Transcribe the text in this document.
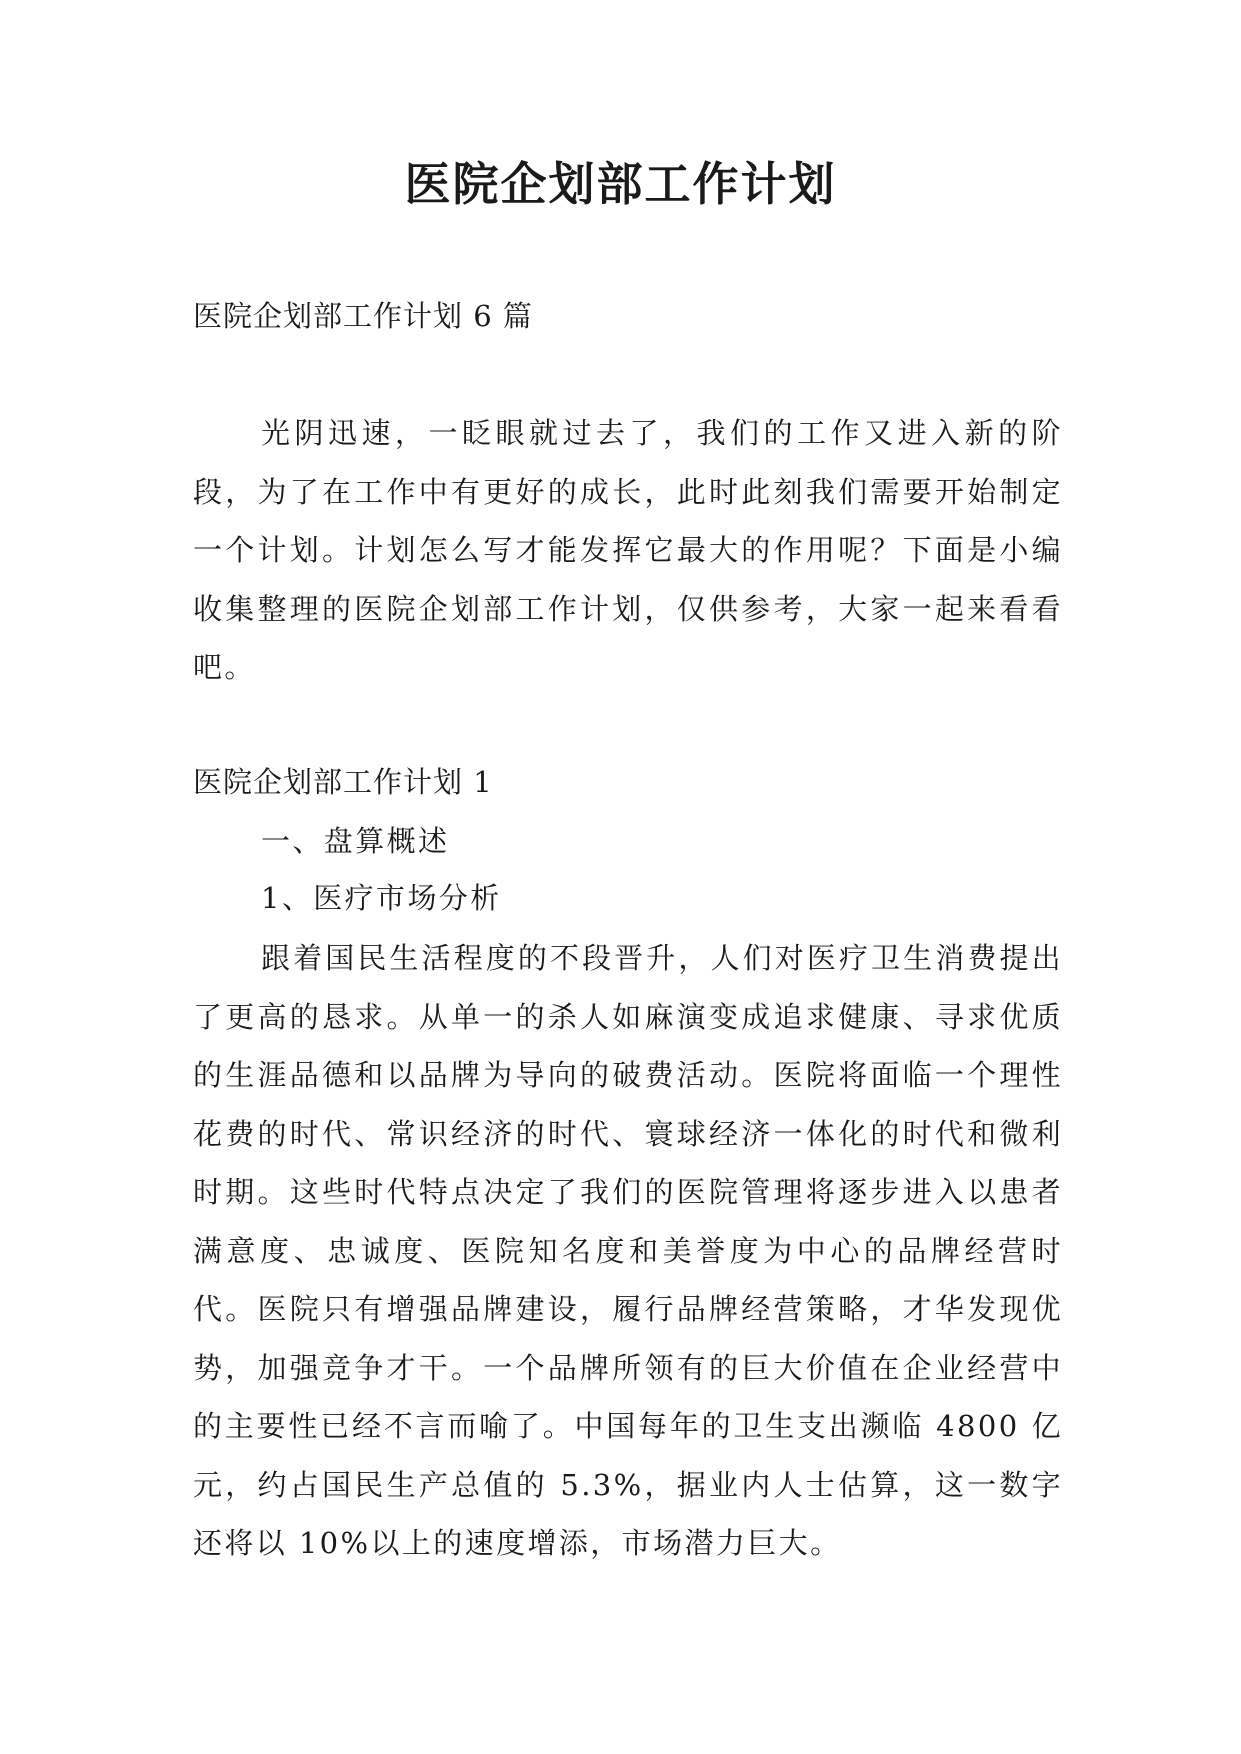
医院企划部工作计划
医院企划部工作计划 6 篇

光阴迅速，一眨眼就过去了，我们的工作又进入新的阶段，为了在工作中有更好的成长，此时此刻我们需要开始制定一个计划。计划怎么写才能发挥它最大的作用呢？下面是小编收集整理的医院企划部工作计划，仅供参考，大家一起来看看吧。

医院企划部工作计划 1
一、盘算概述
1、医疗市场分析

跟着国民生活程度的不段晋升，人们对医疗卫生消费提出了更高的恳求。从单一的杀人如麻演变成追求健康、寻求优质的生涯品德和以品牌为导向的破费活动。医院将面临一个理性花费的时代、常识经济的时代、寰球经济一体化的时代和微利时期。这些时代特点决定了我们的医院管理将逐步进入以患者满意度、忠诚度、医院知名度和美誉度为中心的品牌经营时代。医院只有增强品牌建设，履行品牌经营策略，才华发现优势，加强竞争才干。一个品牌所领有的巨大价值在企业经营中的主要性已经不言而喻了。中国每年的卫生支出濒临 4800 亿元，约占国民生产总值的 5.3%，据业内人士估算，这一数字还将以 10%以上的速度增添，市场潜力巨大。
